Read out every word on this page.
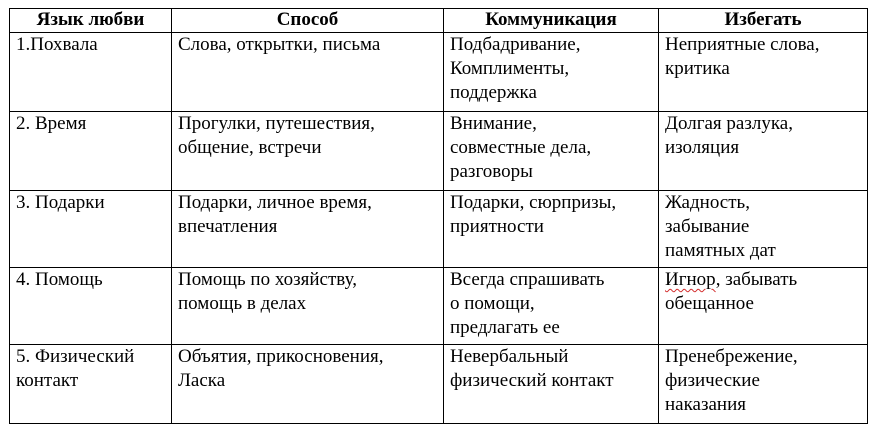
Язык любви	Способ	Коммуникация	Избегать

1.Похвала	Слова, открытки, письма	Подбадривание,
Комплименты,
поддержка	Неприятные слова,
критика

2. Время	Прогулки, путешествия,
общение, встречи	Внимание,
совместные дела,
разговоры	Долгая разлука,
изоляция

3. Подарки	Подарки, личное время,
впечатления	Подарки, сюрпризы,
приятности	Жадность,
забывание
памятных дат

4. Помощь	Помощь по хозяйству,
помощь в делах	Всегда спрашивать
о помощи,
предлагать ее	Игнор, забывать
обещанное

5. Физический
контакт	Объятия, прикосновения,
Ласка	Невербальный
физический контакт	Пренебрежение,
физические
наказания
